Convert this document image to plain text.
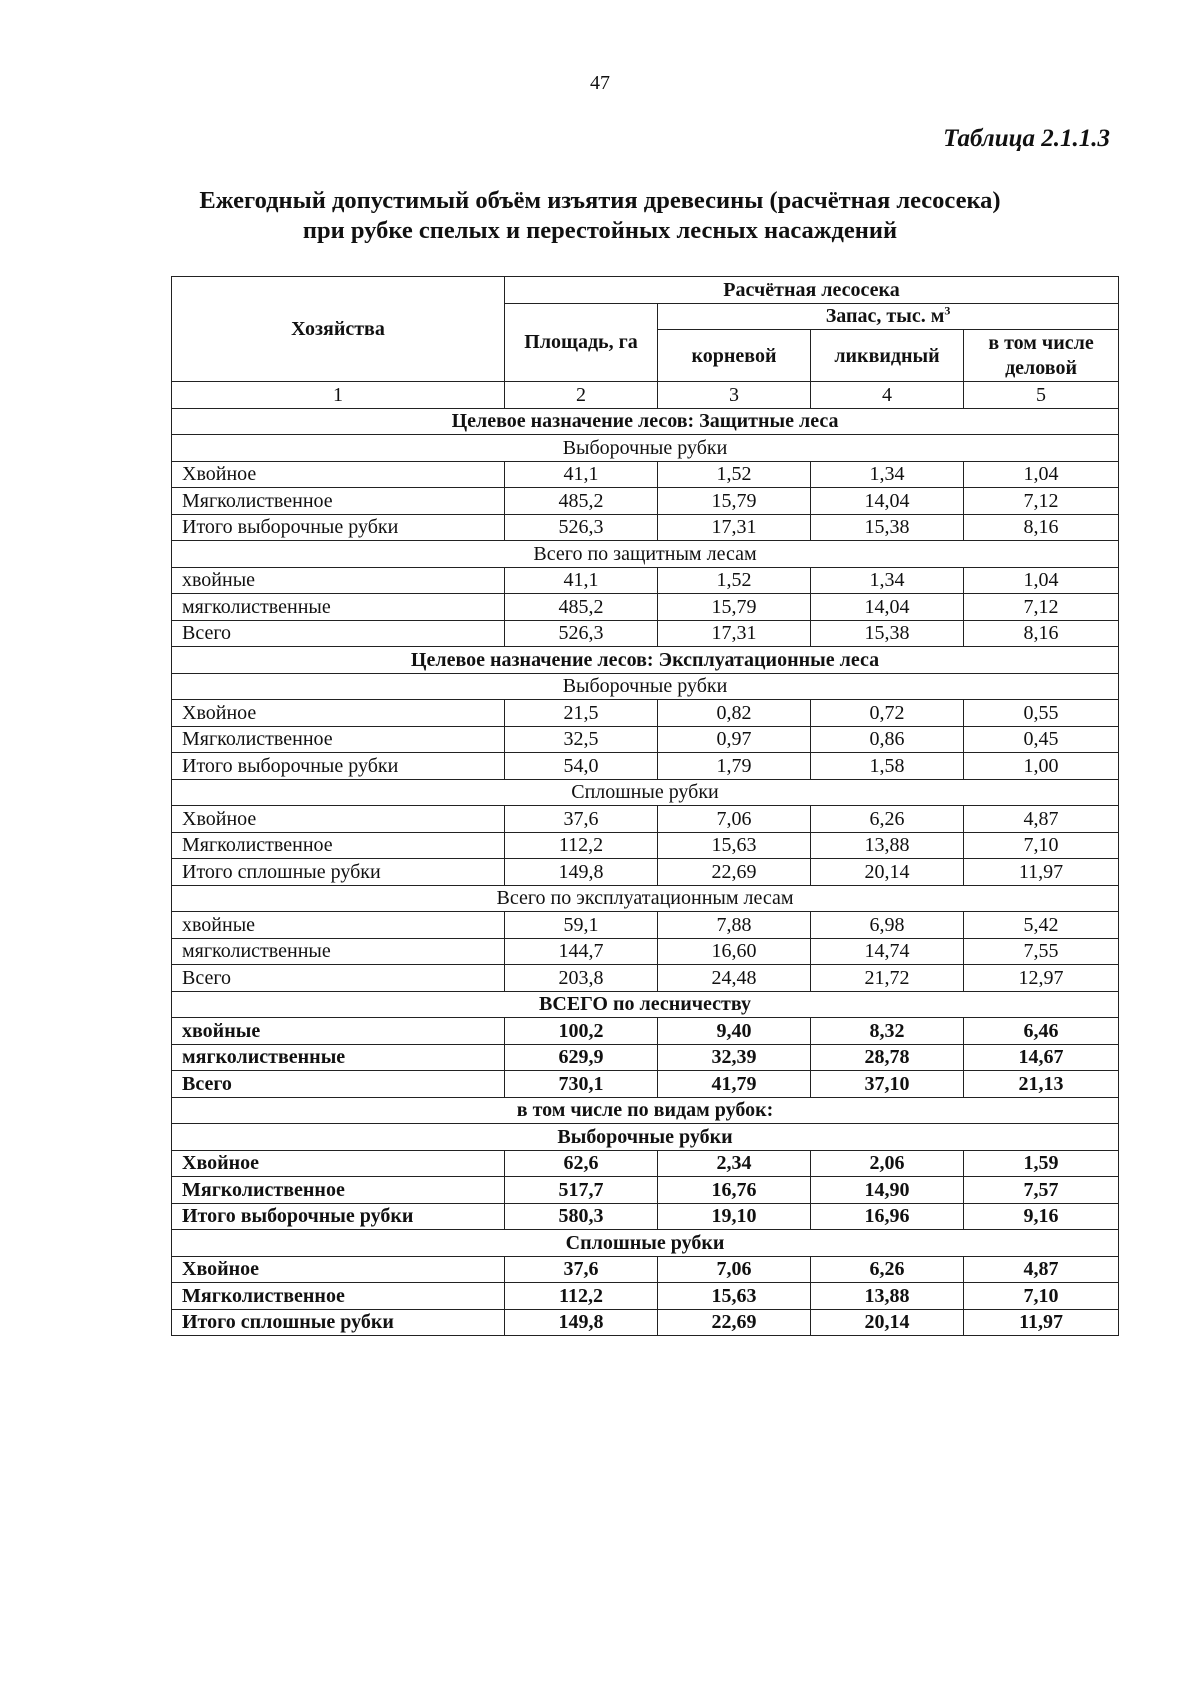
47
Таблица 2.1.1.3
Ежегодный допустимый объём изъятия древесины (расчётная лесосека)
при рубке спелых и перестойных лесных насаждений
Хозяйства	Расчётная лесосека			
	Площадь, га	Запас, тыс. $м^3$
		корневой	ликвидный	в том числе деловой
1	2	3	4	5
Целевое назначение лесов: Защитные леса				
Выборочные рубки				
Хвойное	41,1	1,52	1,34	1,04
Мягколиственное	485,2	15,79	14,04	7,12
Итого выборочные рубки	526,3	17,31	15,38	8,16
Всего по защитным лесам				
хвойные	41,1	1,52	1,34	1,04
мягколиственные	485,2	15,79	14,04	7,12
Всего	526,3	17,31	15,38	8,16
Целевое назначение лесов: Эксплуатационные леса				
Выборочные рубки				
Хвойное	21,5	0,82	0,72	0,55
Мягколиственное	32,5	0,97	0,86	0,45
Итого выборочные рубки	54,0	1,79	1,58	1,00
Сплошные рубки				
Хвойное	37,6	7,06	6,26	4,87
Мягколиственное	112,2	15,63	13,88	7,10
Итого сплошные рубки	149,8	22,69	20,14	11,97
Всего по эксплуатационным лесам				
хвойные	59,1	7,88	6,98	5,42
мягколиственные	144,7	16,60	14,74	7,55
Всего	203,8	24,48	21,72	12,97
ВСЕГО по лесничеству				
хвойные	100,2	9,40	8,32	6,46
мягколиственные	629,9	32,39	28,78	14,67
Всего	730,1	41,79	37,10	21,13
в том числе по видам рубок:				
Выборочные рубки				
Хвойное	62,6	2,34	2,06	1,59
Мягколиственное	517,7	16,76	14,90	7,57
Итого выборочные рубки	580,3	19,10	16,96	9,16
Сплошные рубки				
Хвойное	37,6	7,06	6,26	4,87
Мягколиственное	112,2	15,63	13,88	7,10
Итого сплошные рубки	149,8	22,69	20,14	11,97
